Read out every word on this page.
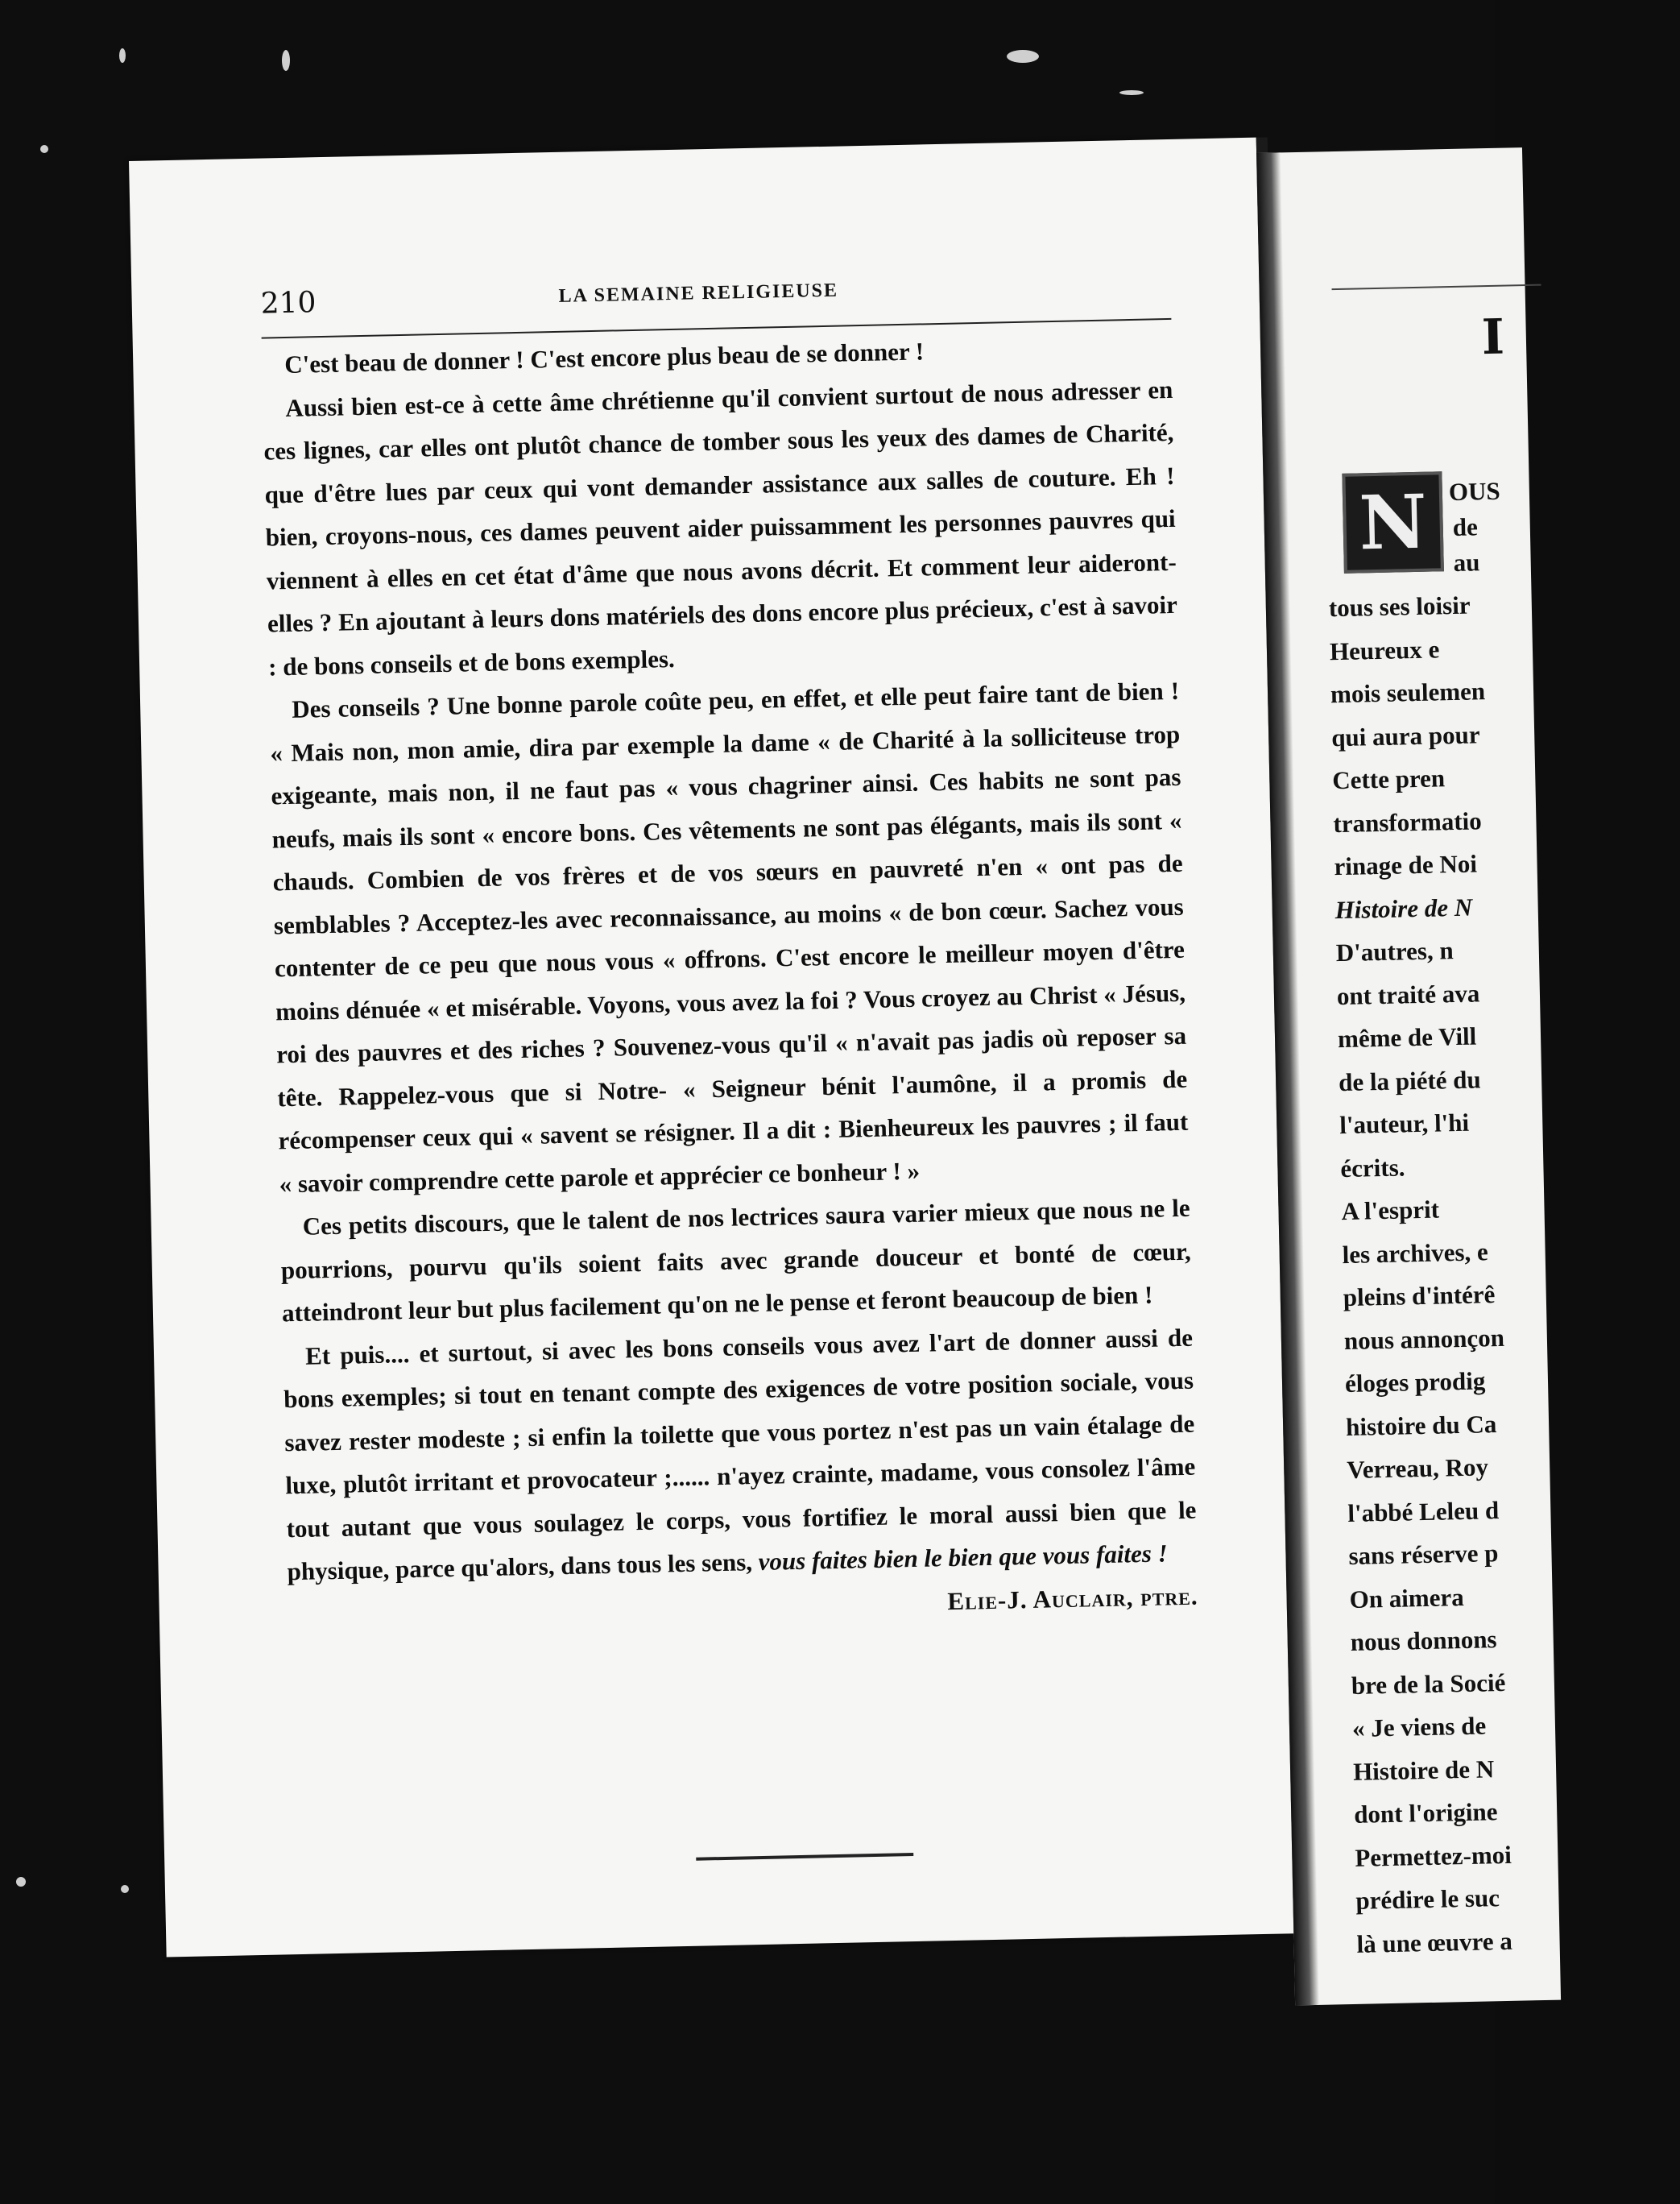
210	LA SEMAINE RELIGIEUSE

C'est beau de donner ! C'est encore plus beau de se donner !

Aussi bien est-ce à cette âme chrétienne qu'il convient surtout de nous adresser en ces lignes, car elles ont plutôt chance de tomber sous les yeux des dames de Charité, que d'être lues par ceux qui vont demander assistance aux salles de couture. Eh ! bien, croyons-nous, ces dames peuvent aider puissamment les personnes pauvres qui viennent à elles en cet état d'âme que nous avons décrit. Et comment leur aideront-elles ? En ajoutant à leurs dons matériels des dons encore plus précieux, c'est à savoir : de bons conseils et de bons exemples.

Des conseils ? Une bonne parole coûte peu, en effet, et elle peut faire tant de bien ! « Mais non, mon amie, dira par exemple la dame « de Charité à la solliciteuse trop exigeante, mais non, il ne faut pas « vous chagriner ainsi. Ces habits ne sont pas neufs, mais ils sont « encore bons. Ces vêtements ne sont pas élégants, mais ils sont « chauds. Combien de vos frères et de vos sœurs en pauvreté n'en « ont pas de semblables ? Acceptez-les avec reconnaissance, au moins « de bon cœur. Sachez vous contenter de ce peu que nous vous « offrons. C'est encore le meilleur moyen d'être moins dénuée « et misérable. Voyons, vous avez la foi ? Vous croyez au Christ « Jésus, roi des pauvres et des riches ? Souvenez-vous qu'il « n'avait pas jadis où reposer sa tête. Rappelez-vous que si Notre- « Seigneur bénit l'aumône, il a promis de récompenser ceux qui « savent se résigner. Il a dit : Bienheureux les pauvres ; il faut « savoir comprendre cette parole et apprécier ce bonheur ! »

Ces petits discours, que le talent de nos lectrices saura varier mieux que nous ne le pourrions, pourvu qu'ils soient faits avec grande douceur et bonté de cœur, atteindront leur but plus facilement qu'on ne le pense et feront beaucoup de bien !

Et puis.... et surtout, si avec les bons conseils vous avez l'art de donner aussi de bons exemples; si tout en tenant compte des exigences de votre position sociale, vous savez rester modeste ; si enfin la toilette que vous portez n'est pas un vain étalage de luxe, plutôt irritant et provocateur ;...... n'ayez crainte, madame, vous consolez l'âme tout autant que vous soulagez le corps, vous fortifiez le moral aussi bien que le physique, parce qu'alors, dans tous les sens, vous faites bien le bien que vous faites !

Elie-J. Auclair, ptre.

I
N OUS
de
au
tous ses loisir
Heureux e
mois seulemen
qui aura pour
Cette pren
transformatio
rinage de Noi
Histoire de N
D'autres, n
ont traité ava
même de Vill
de la piété du
l'auteur, l'hi
écrits.
A l'esprit
les archives, e
pleins d'intérê
nous annonçon
éloges prodig
histoire du Ca
Verreau, Roy
l'abbé Leleu d
sans réserve p
On aimera
nous donnons
bre de la Socié
« Je viens de
Histoire de N
dont l'origine
Permettez-moi
prédire le suc
là une œuvre a
